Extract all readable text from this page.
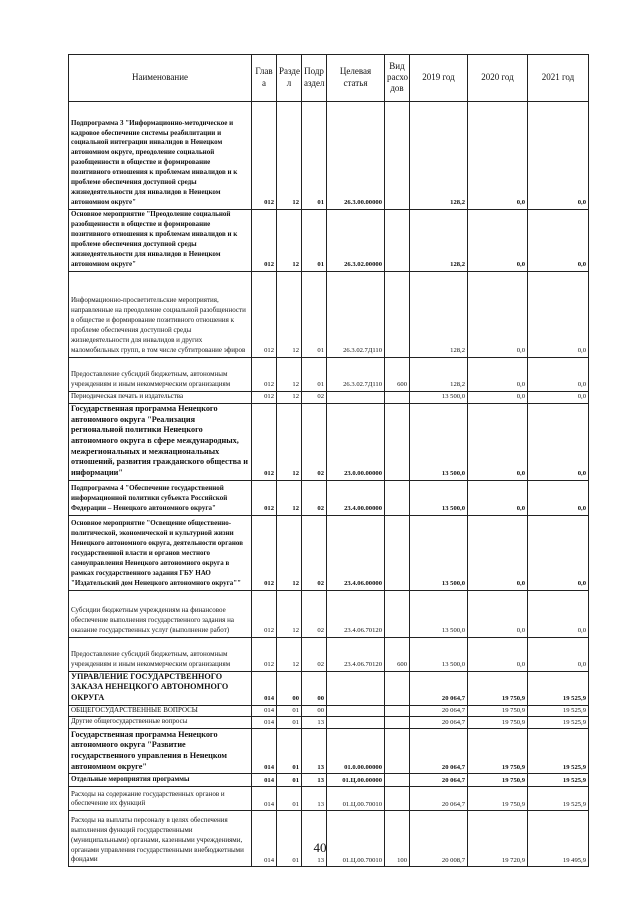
Наименование	Глав а	Разде л	Подр аздел	Целевая статья	Вид расхо дов	2019 год	2020 год	2021 год
Подпрограмма 3 "Информационно-методическое и кадровое обеспечение системы реабилитации и социальной интеграции инвалидов в Ненецком автономном округе, преодоление социальной разобщенности в обществе и формирование позитивного отношения к проблемам инвалидов и к проблеме обеспечения доступной среды жизнедеятельности для инвалидов в Ненецком автономном округе"	012	12	01	26.3.00.00000		128,2	0,0	0,0
Основное мероприятие "Преодоление социальной разобщенности в обществе и формирование позитивного отношения к проблемам инвалидов и к проблеме обеспечения доступной среды жизнедеятельности для инвалидов в Ненецком автономном округе"	012	12	01	26.3.02.00000		128,2	0,0	0,0
Информационно-просветительские мероприятия, направленные на преодоление социальной разобщенности в обществе и формирование позитивного отношения к проблеме обеспечения доступной среды жизнедеятельности для инвалидов и других маломобильных групп, в том числе субтитрование эфиров	012	12	01	26.3.02.7Д110		128,2	0,0	0,0
Предоставление субсидий бюджетным, автономным учреждениям и иным некоммерческим организациям	012	12	01	26.3.02.7Д110	600	128,2	0,0	0,0
Периодическая печать и издательства	012	12	02			13 500,0	0,0	0,0
Государственная программа Ненецкого автономного округа "Реализация региональной политики Ненецкого автономного округа в сфере международных, межрегиональных и межнациональных отношений, развития гражданского общества и информации"	012	12	02	23.0.00.00000		13 500,0	0,0	0,0
Подпрограмма 4 "Обеспечение государственной информационной политики субъекта Российской Федерации – Ненецкого автономного округа"	012	12	02	23.4.00.00000		13 500,0	0,0	0,0
Основное мероприятие "Освещение общественно-политической, экономической и культурной жизни Ненецкого автономного округа, деятельности органов государственной власти и органов местного самоуправления Ненецкого автономного округа в рамках государственного задания ГБУ НАО "Издательский дом Ненецкого автономного округа""	012	12	02	23.4.06.00000		13 500,0	0,0	0,0
Субсидии бюджетным учреждениям на финансовое обеспечение выполнения государственного задания на оказание государственных услуг (выполнение работ)	012	12	02	23.4.06.70120		13 500,0	0,0	0,0
Предоставление субсидий бюджетным, автономным учреждениям и иным некоммерческим организациям	012	12	02	23.4.06.70120	600	13 500,0	0,0	0,0
УПРАВЛЕНИЕ ГОСУДАРСТВЕННОГО ЗАКАЗА НЕНЕЦКОГО АВТОНОМНОГО ОКРУГА	014	00	00			20 064,7	19 750,9	19 525,9
ОБЩЕГОСУДАРСТВЕННЫЕ ВОПРОСЫ	014	01	00			20 064,7	19 750,9	19 525,9
Другие общегосударственные вопросы	014	01	13			20 064,7	19 750,9	19 525,9
Государственная программа Ненецкого автономного округа "Развитие государственного управления в Ненецком автономном округе"	014	01	13	01.0.00.00000		20 064,7	19 750,9	19 525,9
Отдельные мероприятия программы	014	01	13	01.Ц.00.00000		20 064,7	19 750,9	19 525,9
Расходы на содержание государственных органов и обеспечение их функций	014	01	13	01.Ц.00.70010		20 064,7	19 750,9	19 525,9
Расходы на выплаты персоналу в целях обеспечения выполнения функций государственными (муниципальными) органами, казенными учреждениями, органами управления государственными внебюджетными фондами	014	01	13	01.Ц.00.70010	100	20 008,7	19 720,9	19 495,9
40
